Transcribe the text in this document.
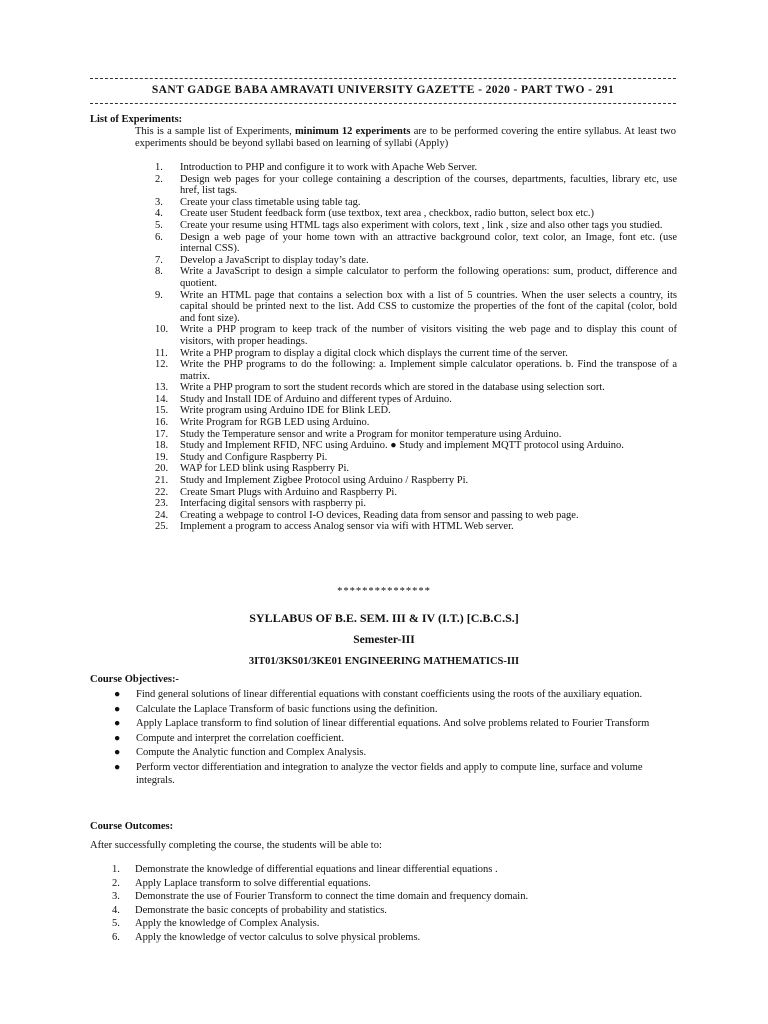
SANT GADGE BABA AMRAVATI UNIVERSITY GAZETTE - 2020 - PART TWO - 291
List of Experiments:
This is a sample list of Experiments, minimum 12 experiments are to be performed covering the entire syllabus. At least two experiments should be beyond syllabi based on learning of syllabi (Apply)
1. Introduction to PHP and configure it to work with Apache Web Server.
2. Design web pages for your college containing a description of the courses, departments, faculties, library etc, use href, list tags.
3. Create your class timetable using table tag.
4. Create user Student feedback form (use textbox, text area , checkbox, radio button, select box etc.)
5. Create your resume using HTML tags also experiment with colors, text , link , size and also other tags you studied.
6. Design a web page of your home town with an attractive background color, text color, an Image, font etc. (use internal CSS).
7. Develop a JavaScript to display today’s date.
8. Write a JavaScript to design a simple calculator to perform the following operations: sum, product, difference and quotient.
9. Write an HTML page that contains a selection box with a list of 5 countries. When the user selects a country, its capital should be printed next to the list. Add CSS to customize the properties of the font of the capital (color, bold and font size).
10. Write a PHP program to keep track of the number of visitors visiting the web page and to display this count of visitors, with proper headings.
11. Write a PHP program to display a digital clock which displays the current time of the server.
12. Write the PHP programs to do the following: a. Implement simple calculator operations. b. Find the transpose of a matrix.
13. Write a PHP program to sort the student records which are stored in the database using selection sort.
14. Study and Install IDE of Arduino and different types of Arduino.
15. Write program using Arduino IDE for Blink LED.
16. Write Program for RGB LED using Arduino.
17. Study the Temperature sensor and write a Program for monitor temperature using Arduino.
18. Study and Implement RFID, NFC using Arduino. ● Study and implement MQTT protocol using Arduino.
19. Study and Configure Raspberry Pi.
20. WAP for LED blink using Raspberry Pi.
21. Study and Implement Zigbee Protocol using Arduino / Raspberry Pi.
22. Create Smart Plugs with Arduino and Raspberry Pi.
23. Interfacing digital sensors with raspberry pi.
24. Creating a webpage to control I-O devices, Reading data from sensor and passing to web page.
25. Implement a program to access Analog sensor via wifi with HTML Web server.
***************
SYLLABUS OF B.E. SEM. III & IV (I.T.) [C.B.C.S.]
Semester-III
3IT01/3KS01/3KE01 ENGINEERING MATHEMATICS-III
Course Objectives:-
● Find general solutions of linear differential equations with constant coefficients using the roots of the auxiliary equation.
● Calculate the Laplace Transform of basic functions using the definition.
● Apply Laplace transform to find solution of linear differential equations. And solve problems related to Fourier Transform
● Compute and interpret the correlation coefficient.
● Compute the Analytic function and Complex Analysis.
● Perform vector differentiation and integration to analyze the vector fields and apply to compute line, surface and volume integrals.
Course Outcomes:
After successfully completing the course, the students will be able to:
1. Demonstrate the knowledge of differential equations and linear differential equations .
2. Apply Laplace transform to solve differential equations.
3. Demonstrate the use of Fourier Transform to connect the time domain and frequency domain.
4. Demonstrate the basic concepts of probability and statistics.
5. Apply the knowledge of Complex Analysis.
6. Apply the knowledge of vector calculus to solve physical problems.
